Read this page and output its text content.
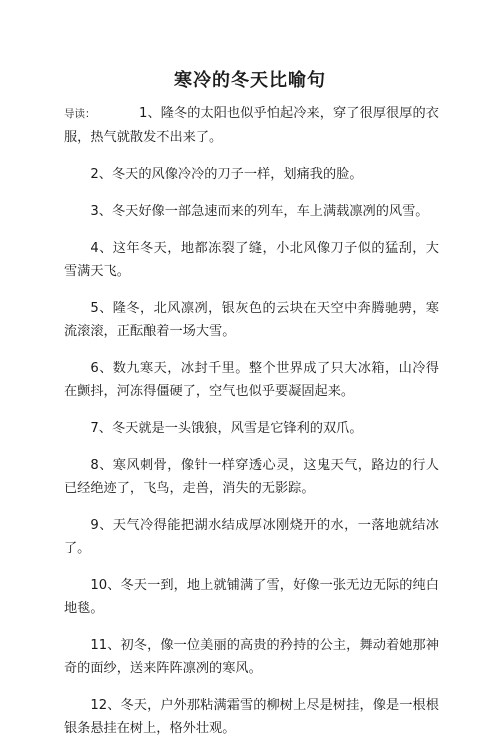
寒冷的冬天比喻句

导读：	1、隆冬的太阳也似乎怕起冷来，穿了很厚很厚的衣服，热气就散发不出来了。

2、冬天的风像冷冷的刀子一样，划痛我的脸。

3、冬天好像一部急速而来的列车，车上满载凛冽的风雪。

4、这年冬天，地都冻裂了缝，小北风像刀子似的猛刮，大雪满天飞。

5、隆冬，北风凛冽，银灰色的云块在天空中奔腾驰骋，寒流滚滚，正酝酿着一场大雪。

6、数九寒天，冰封千里。整个世界成了只大冰箱，山冷得在颤抖，河冻得僵硬了，空气也似乎要凝固起来。

7、冬天就是一头饿狼，风雪是它锋利的双爪。

8、寒风刺骨，像针一样穿透心灵，这鬼天气，路边的行人已经绝迹了，飞鸟，走兽，消失的无影踪。

9、天气冷得能把湖水结成厚冰刚烧开的水，一落地就结冰了。

10、冬天一到，地上就铺满了雪，好像一张无边无际的纯白地毯。

11、初冬，像一位美丽的高贵的矜持的公主，舞动着她那神奇的面纱，送来阵阵凛冽的寒风。

12、冬天，户外那粘满霜雪的柳树上尽是树挂，像是一根根银条悬挂在树上，格外壮观。
